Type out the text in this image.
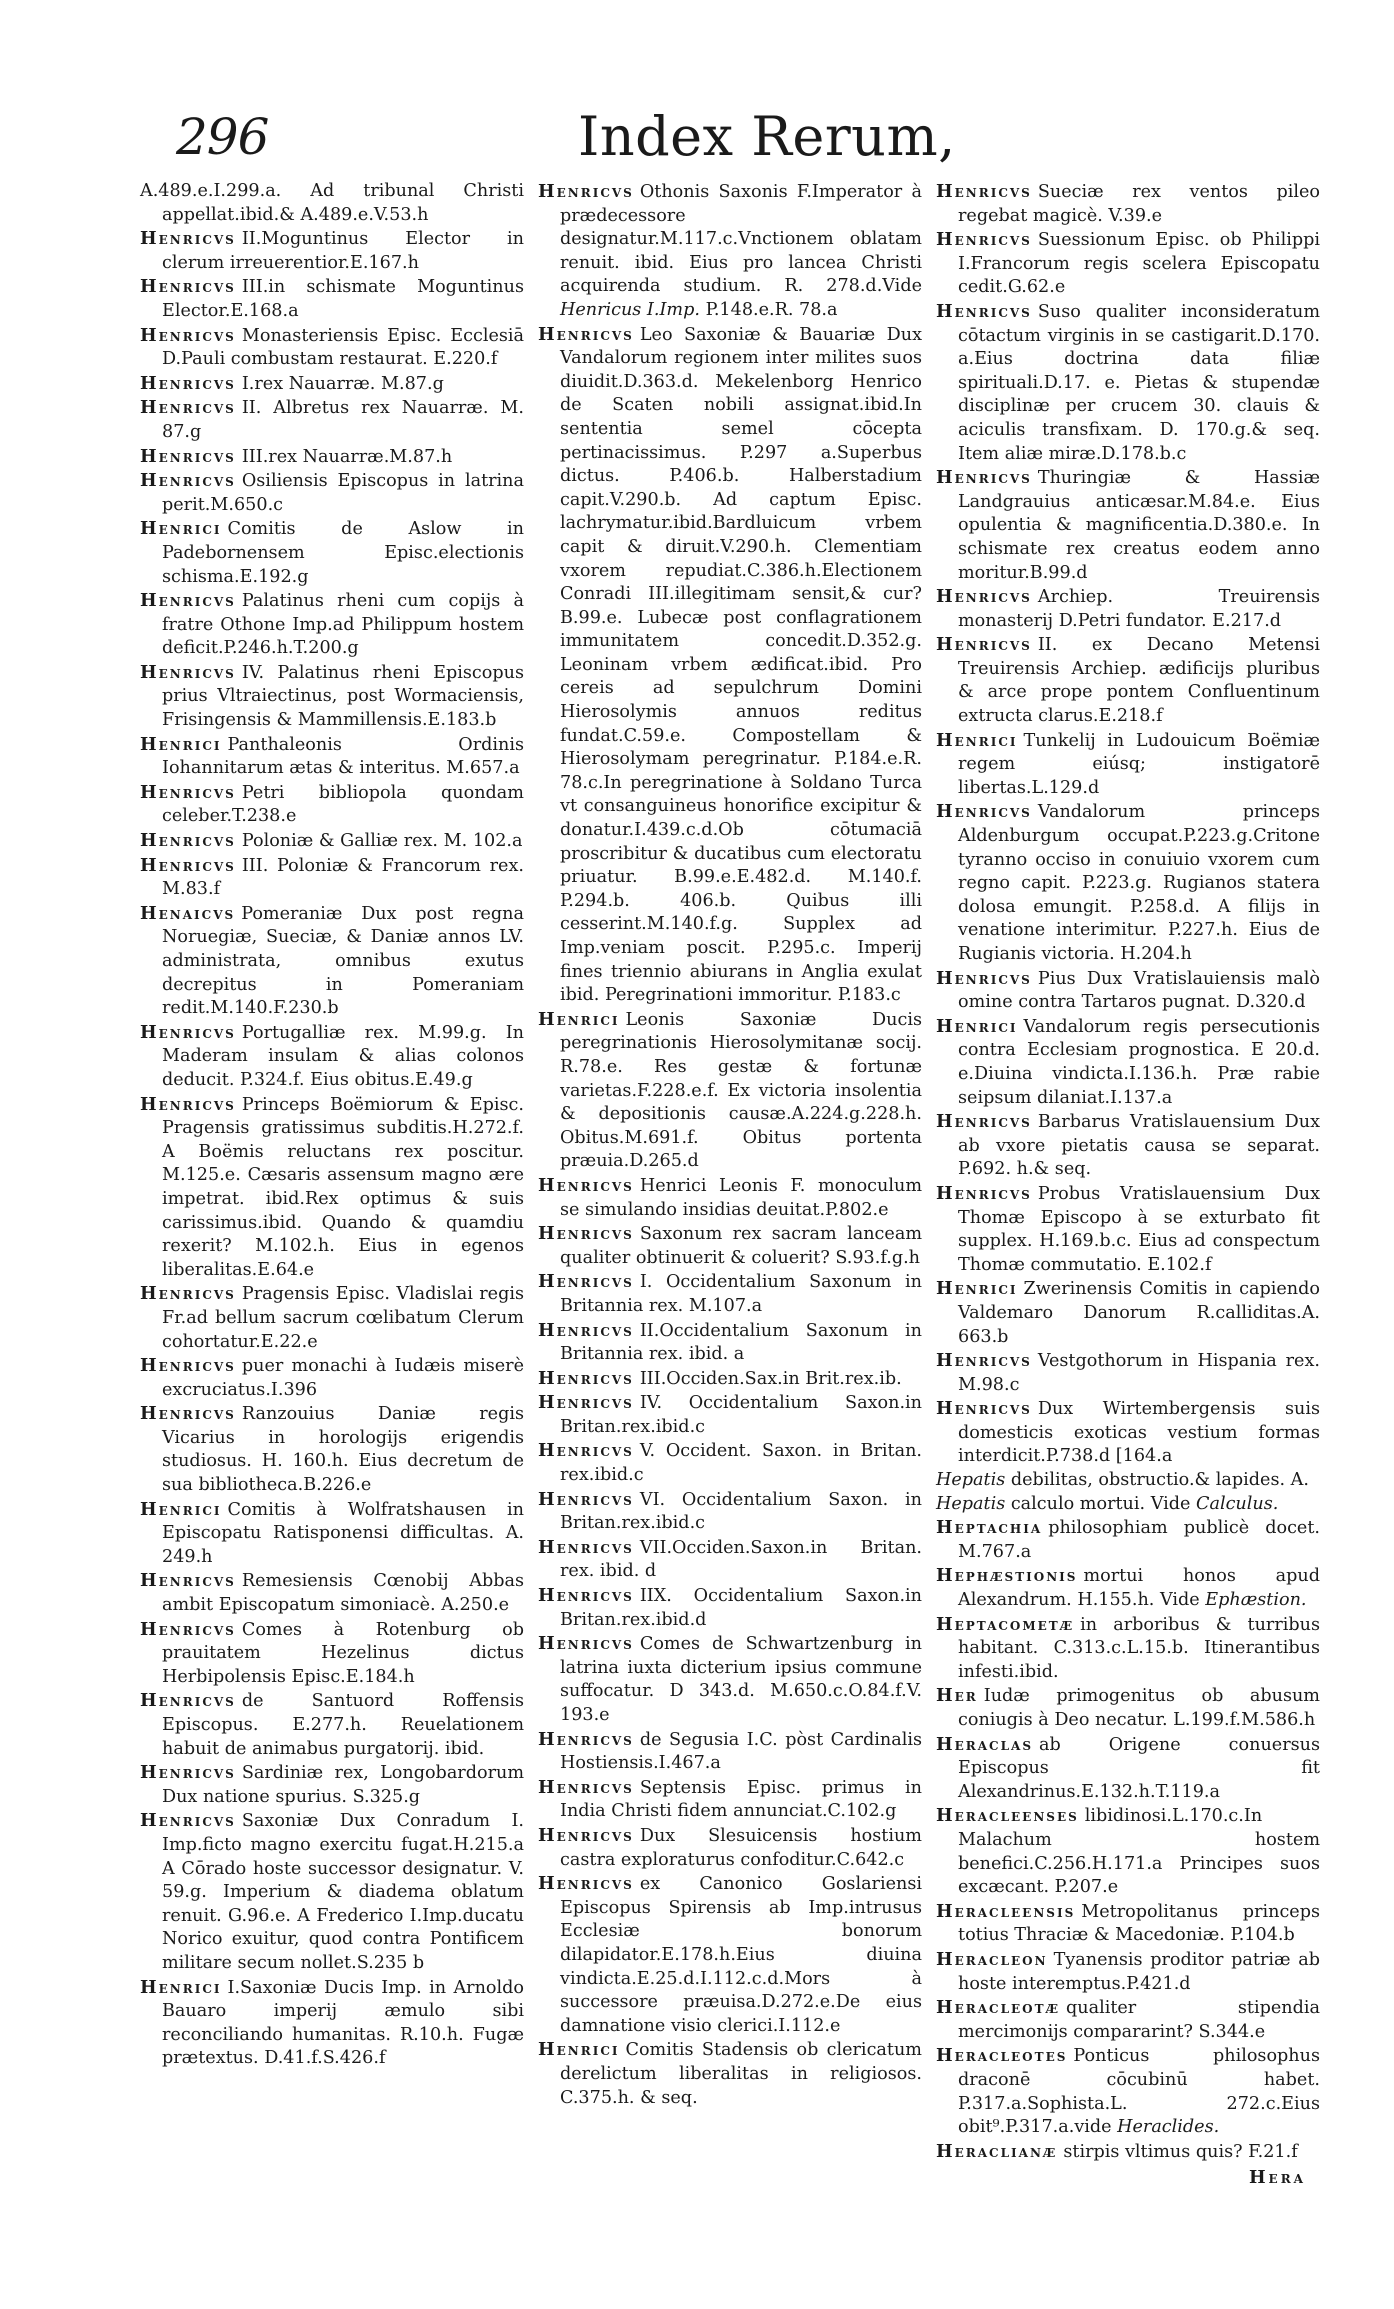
296	Index Rerum,

A.489.e.I.299.a. Ad tribunal Christi appellat.ibid.& A.489.e.V.53.h

Henricvs II.Moguntinus Elector in clerum irreuerentior.E.167.h

Henricvs III.in schismate Moguntinus Elector.E.168.a

Henricvs Monasteriensis Episc. Ecclesiā D.Pauli combustam restaurat. E.220.f

Henricvs I.rex Nauarræ. M.87.g

Henricvs II. Albretus rex Nauarræ. M. 87.g

Henricvs III.rex Nauarræ.M.87.h

Henricvs Osiliensis Episcopus in latrina perit.M.650.c

Henrici Comitis de Aslow in Padebornensem Episc.electionis schisma.E.192.g

Henricvs Palatinus rheni cum copijs à fratre Othone Imp.ad Philippum hostem deficit.P.246.h.T.200.g

Henricvs IV. Palatinus rheni Episcopus prius Vltraiectinus, post Wormaciensis, Frisingensis & Mammillensis.E.183.b

Henrici Panthaleonis Ordinis Iohannitarum ætas & interitus. M.657.a

Henricvs Petri bibliopola quondam celeber.T.238.e

Henricvs Poloniæ & Galliæ rex. M. 102.a

Henricvs III. Poloniæ & Francorum rex. M.83.f

Henaicvs Pomeraniæ Dux post regna Noruegiæ, Sueciæ, & Daniæ annos LV. administrata, omnibus exutus decrepitus in Pomeraniam redit.M.140.F.230.b

Henricvs Portugalliæ rex. M.99.g. In Maderam insulam & alias colonos deducit. P.324.f. Eius obitus.E.49.g

Henricvs Princeps Boëmiorum & Episc. Pragensis gratissimus subditis.H.272.f. A Boëmis reluctans rex poscitur. M.125.e. Cæsaris assensum magno ære impetrat. ibid.Rex optimus & suis carissimus.ibid. Quando & quamdiu rexerit? M.102.h. Eius in egenos liberalitas.E.64.e

Henricvs Pragensis Episc. Vladislai regis Fr.ad bellum sacrum cœlibatum Clerum cohortatur.E.22.e

Henricvs puer monachi à Iudæis miserè excruciatus.I.396

Henricvs Ranzouius Daniæ regis Vicarius in horologijs erigendis studiosus. H. 160.h. Eius decretum de sua bibliotheca.B.226.e

Henrici Comitis à Wolfratshausen in Episcopatu Ratisponensi difficultas. A. 249.h

Henricvs Remesiensis Cœnobij Abbas ambit Episcopatum simoniacè. A.250.e

Henricvs Comes à Rotenburg ob prauitatem Hezelinus dictus Herbipolensis Episc.E.184.h

Henricvs de Santuord Roffensis Episcopus. E.277.h. Reuelationem habuit de animabus purgatorij. ibid.

Henricvs Sardiniæ rex, Longobardorum Dux natione spurius. S.325.g

Henricvs Saxoniæ Dux Conradum I. Imp.ficto magno exercitu fugat.H.215.a A Cōrado hoste successor designatur. V. 59.g. Imperium & diadema oblatum renuit. G.96.e. A Frederico I.Imp.ducatu Norico exuitur, quod contra Pontificem militare secum nollet.S.235 b

Henrici I.Saxoniæ Ducis Imp. in Arnoldo Bauaro imperij æmulo sibi reconciliando humanitas. R.10.h. Fugæ prætextus. D.41.f.S.426.f

Henricvs Othonis Saxonis F.Imperator à prædecessore designatur.M.117.c.Vnctionem oblatam renuit. ibid. Eius pro lancea Christi acquirenda studium. R. 278.d.Vide Henricus I.Imp. P.148.e.R. 78.a

Henricvs Leo Saxoniæ & Bauariæ Dux Vandalorum regionem inter milites suos diuidit.D.363.d. Mekelenborg Henrico de Scaten nobili assignat.ibid.In sententia semel cōcepta pertinacissimus. P.297 a.Superbus dictus. P.406.b. Halberstadium capit.V.290.b. Ad captum Episc. lachrymatur.ibid.Bardluicum vrbem capit & diruit.V.290.h. Clementiam vxorem repudiat.C.386.h.Electionem Conradi III.illegitimam sensit,& cur?B.99.e. Lubecæ post conflagrationem immunitatem concedit.D.352.g. Leoninam vrbem ædificat.ibid. Pro cereis ad sepulchrum Domini Hierosolymis annuos reditus fundat.C.59.e. Compostellam & Hierosolymam peregrinatur. P.184.e.R. 78.c.In peregrinatione à Soldano Turca vt consanguineus honorifice excipitur & donatur.I.439.c.d.Ob cōtumaciā proscribitur & ducatibus cum electoratu priuatur. B.99.e.E.482.d. M.140.f. P.294.b. 406.b. Quibus illi cesserint.M.140.f.g. Supplex ad Imp.veniam poscit. P.295.c. Imperij fines triennio abiurans in Anglia exulat ibid. Peregrinationi immoritur. P.183.c

Henrici Leonis Saxoniæ Ducis peregrinationis Hierosolymitanæ socij. R.78.e. Res gestæ & fortunæ varietas.F.228.e.f. Ex victoria insolentia & depositionis causæ.A.224.g.228.h. Obitus.M.691.f. Obitus portenta præuia.D.265.d

Henricvs Henrici Leonis F. monoculum se simulando insidias deuitat.P.802.e

Henricvs Saxonum rex sacram lanceam qualiter obtinuerit & coluerit? S.93.f.g.h

Henricvs I. Occidentalium Saxonum in Britannia rex. M.107.a

Henricvs II.Occidentalium Saxonum in Britannia rex. ibid. a

Henricvs III.Occiden.Sax.in Brit.rex.ib.

Henricvs IV. Occidentalium Saxon.in Britan.rex.ibid.c

Henricvs V. Occident. Saxon. in Britan. rex.ibid.c

Henricvs VI. Occidentalium Saxon. in Britan.rex.ibid.c

Henricvs VII.Occiden.Saxon.in Britan. rex. ibid. d

Henricvs IIX. Occidentalium Saxon.in Britan.rex.ibid.d

Henricvs Comes de Schwartzenburg in latrina iuxta dicterium ipsius commune suffocatur. D 343.d. M.650.c.O.84.f.V. 193.e

Henricvs de Segusia I.C. pòst Cardinalis Hostiensis.I.467.a

Henricvs Septensis Episc. primus in India Christi fidem annunciat.C.102.g

Henricvs Dux Slesuicensis hostium castra exploraturus confoditur.C.642.c

Henricvs ex Canonico Goslariensi Episcopus Spirensis ab Imp.intrusus Ecclesiæ bonorum dilapidator.E.178.h.Eius diuina vindicta.E.25.d.I.112.c.d.Mors à successore præuisa.D.272.e.De eius damnatione visio clerici.I.112.e

Henrici Comitis Stadensis ob clericatum derelictum liberalitas in religiosos. C.375.h. & seq.

Henricvs Sueciæ rex ventos pileo regebat magicè. V.39.e

Henricvs Suessionum Episc. ob Philippi I.Francorum regis scelera Episcopatu cedit.G.62.e

Henricvs Suso qualiter inconsideratum cōtactum virginis in se castigarit.D.170. a.Eius doctrina data filiæ spirituali.D.17. e. Pietas & stupendæ disciplinæ per crucem 30. clauis & aciculis transfixam. D. 170.g.& seq. Item aliæ miræ.D.178.b.c

Henricvs Thuringiæ & Hassiæ Landgrauius anticæsar.M.84.e. Eius opulentia & magnificentia.D.380.e. In schismate rex creatus eodem anno moritur.B.99.d

Henricvs Archiep. Treuirensis monasterij D.Petri fundator. E.217.d

Henricvs II. ex Decano Metensi Treuirensis Archiep. ædificijs pluribus & arce prope pontem Confluentinum extructa clarus.E.218.f

Henrici Tunkelij in Ludouicum Boëmiæ regem eiúsq; instigatorē libertas.L.129.d

Henricvs Vandalorum princeps Aldenburgum occupat.P.223.g.Critone tyranno occiso in conuiuio vxorem cum regno capit. P.223.g. Rugianos statera dolosa emungit. P.258.d. A filijs in venatione interimitur. P.227.h. Eius de Rugianis victoria. H.204.h

Henricvs Pius Dux Vratislauiensis malò omine contra Tartaros pugnat. D.320.d

Henrici Vandalorum regis persecutionis contra Ecclesiam prognostica. E 20.d. e.Diuina vindicta.I.136.h. Præ rabie seipsum dilaniat.I.137.a

Henricvs Barbarus Vratislauensium Dux ab vxore pietatis causa se separat. P.692. h.& seq.

Henricvs Probus Vratislauensium Dux Thomæ Episcopo à se exturbato fit supplex. H.169.b.c. Eius ad conspectum Thomæ commutatio. E.102.f

Henrici Zwerinensis Comitis in capiendo Valdemaro Danorum R.calliditas.A. 663.b

Henricvs Vestgothorum in Hispania rex. M.98.c

Henricvs Dux Wirtembergensis suis domesticis exoticas vestium formas interdicit.P.738.d [164.a

Hepatis debilitas, obstructio.& lapides. A.

Hepatis calculo mortui. Vide Calculus.

Heptachia philosophiam publicè docet. M.767.a

Hephæstionis mortui honos apud Alexandrum. H.155.h. Vide Ephæstion.

Heptacometæ in arboribus & turribus habitant. C.313.c.L.15.b. Itinerantibus infesti.ibid.

Her Iudæ primogenitus ob abusum coniugis à Deo necatur. L.199.f.M.586.h

Heraclas ab Origene conuersus Episcopus fit Alexandrinus.E.132.h.T.119.a

Heracleenses libidinosi.L.170.c.In Malachum hostem benefici.C.256.H.171.a Principes suos excæcant. P.207.e

Heracleensis Metropolitanus princeps totius Thraciæ & Macedoniæ. P.104.b

Heracleon Tyanensis proditor patriæ ab hoste interemptus.P.421.d

Heracleotæ qualiter stipendia mercimonijs compararint? S.344.e

Heracleotes Ponticus philosophus draconē cōcubinū habet. P.317.a.Sophista.L. 272.c.Eius obit⁹.P.317.a.vide Heraclides.

Heraclianæ stirpis vltimus quis? F.21.f

Hera
